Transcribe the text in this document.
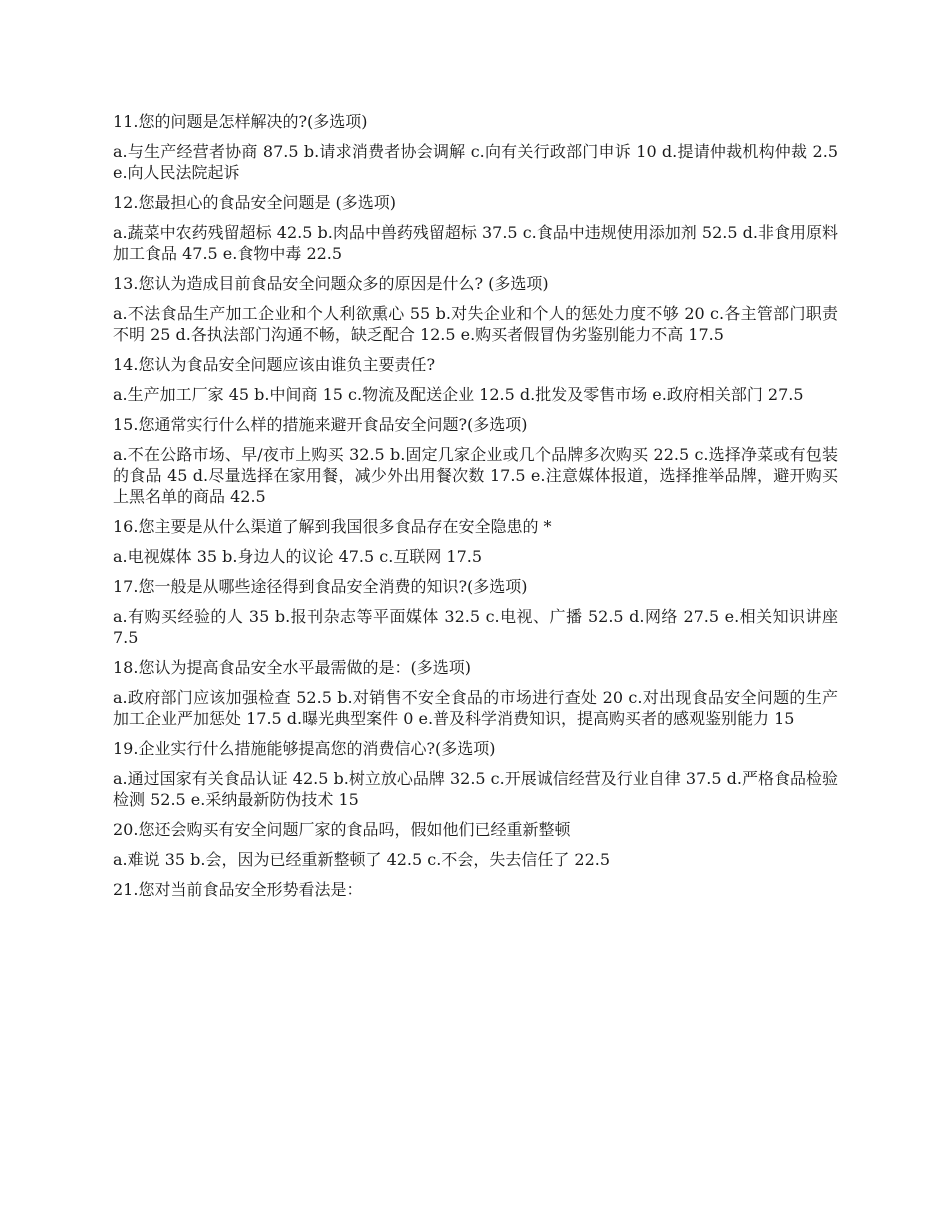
11.您的问题是怎样解决的?(多选项)

a.与生产经营者协商 87.5 b.请求消费者协会调解 c.向有关行政部门申诉 10 d.提请仲裁机构仲裁 2.5 e.向人民法院起诉

12.您最担心的食品安全问题是 (多选项)

a.蔬菜中农药残留超标 42.5 b.肉品中兽药残留超标 37.5 c.食品中违规使用添加剂 52.5 d.非食用原料加工食品 47.5 e.食物中毒 22.5

13.您认为造成目前食品安全问题众多的原因是什么? (多选项)

a.不法食品生产加工企业和个人利欲熏心 55 b.对失企业和个人的惩处力度不够 20 c.各主管部门职责不明 25 d.各执法部门沟通不畅，缺乏配合 12.5 e.购买者假冒伪劣鉴别能力不高 17.5

14.您认为食品安全问题应该由谁负主要责任?

a.生产加工厂家 45 b.中间商 15 c.物流及配送企业 12.5 d.批发及零售市场 e.政府相关部门 27.5

15.您通常实行什么样的措施来避开食品安全问题?(多选项)

a.不在公路市场、早/夜市上购买 32.5 b.固定几家企业或几个品牌多次购买 22.5 c.选择净菜或有包装的食品 45 d.尽量选择在家用餐，减少外出用餐次数 17.5 e.注意媒体报道，选择推举品牌，避开购买上黑名单的商品 42.5

16.您主要是从什么渠道了解到我国很多食品存在安全隐患的 *

a.电视媒体 35 b.身边人的议论 47.5 c.互联网 17.5

17.您一般是从哪些途径得到食品安全消费的知识?(多选项)

a.有购买经验的人 35 b.报刊杂志等平面媒体 32.5 c.电视、广播 52.5 d.网络 27.5 e.相关知识讲座 7.5

18.您认为提高食品安全水平最需做的是：(多选项)

a.政府部门应该加强检查 52.5 b.对销售不安全食品的市场进行查处 20 c.对出现食品安全问题的生产加工企业严加惩处 17.5 d.曝光典型案件 0 e.普及科学消费知识，提高购买者的感观鉴别能力 15

19.企业实行什么措施能够提高您的消费信心?(多选项)

a.通过国家有关食品认证 42.5 b.树立放心品牌 32.5 c.开展诚信经营及行业自律 37.5 d.严格食品检验检测 52.5 e.采纳最新防伪技术 15

20.您还会购买有安全问题厂家的食品吗，假如他们已经重新整顿

a.难说 35 b.会，因为已经重新整顿了 42.5 c.不会，失去信任了 22.5

21.您对当前食品安全形势看法是：
